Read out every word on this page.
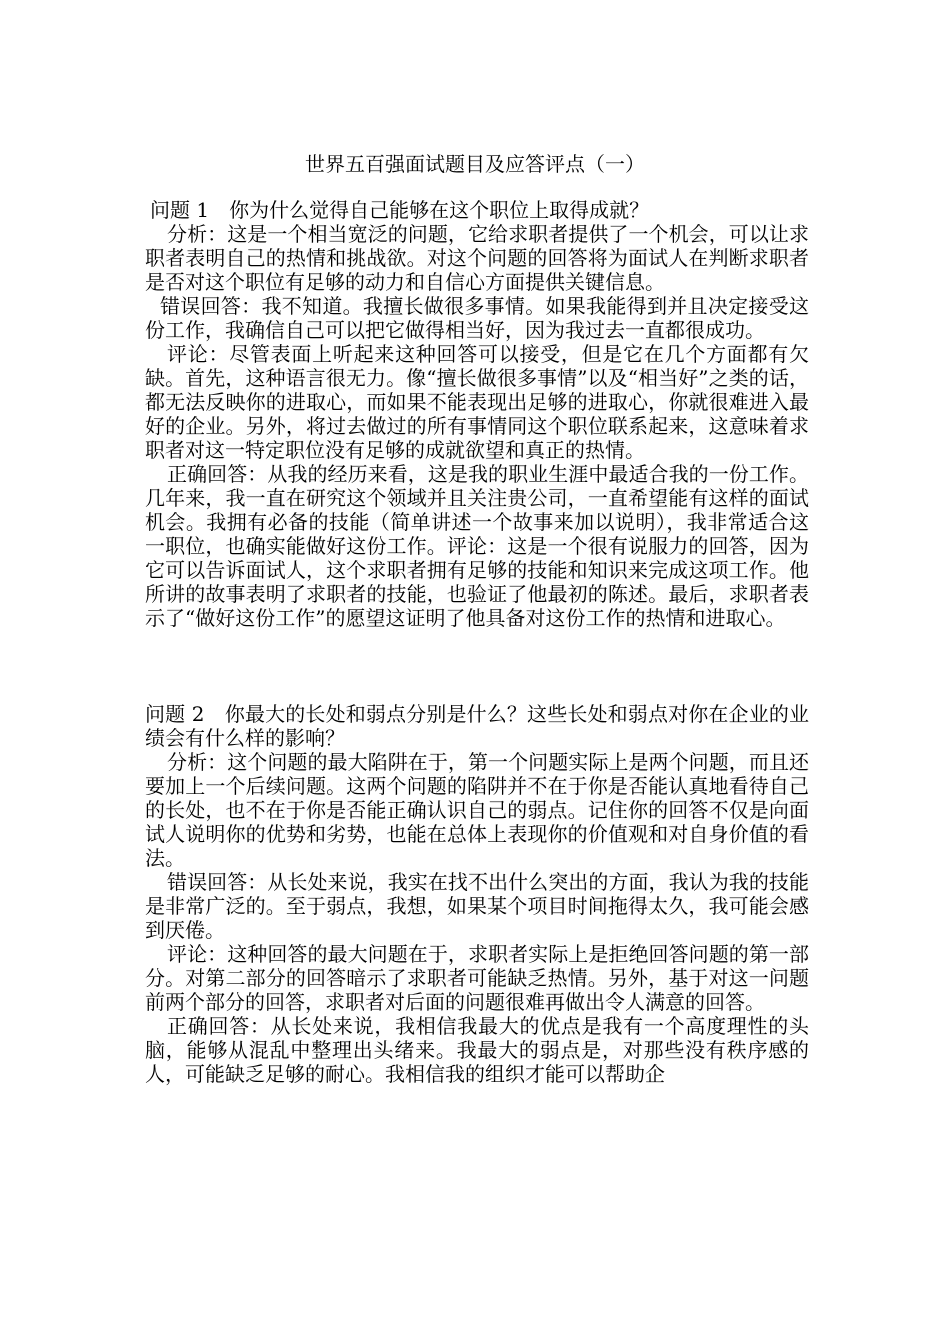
世界五百强面试题目及应答评点（一）

问题 1　你为什么觉得自己能够在这个职位上取得成就？

分析：这是一个相当宽泛的问题，它给求职者提供了一个机会，可以让求职者表明自己的热情和挑战欲。对这个问题的回答将为面试人在判断求职者是否对这个职位有足够的动力和自信心方面提供关键信息。

错误回答：我不知道。我擅长做很多事情。如果我能得到并且决定接受这份工作，我确信自己可以把它做得相当好，因为我过去一直都很成功。

评论：尽管表面上听起来这种回答可以接受，但是它在几个方面都有欠缺。首先，这种语言很无力。像“擅长做很多事情”以及“相当好”之类的话，都无法反映你的进取心，而如果不能表现出足够的进取心，你就很难进入最好的企业。另外，将过去做过的所有事情同这个职位联系起来，这意味着求职者对这一特定职位没有足够的成就欲望和真正的热情。

正确回答：从我的经历来看，这是我的职业生涯中最适合我的一份工作。几年来，我一直在研究这个领域并且关注贵公司，一直希望能有这样的面试机会。我拥有必备的技能（简单讲述一个故事来加以说明），我非常适合这一职位，也确实能做好这份工作。评论：这是一个很有说服力的回答，因为它可以告诉面试人，这个求职者拥有足够的技能和知识来完成这项工作。他所讲的故事表明了求职者的技能，也验证了他最初的陈述。最后，求职者表示了“做好这份工作”的愿望这证明了他具备对这份工作的热情和进取心。

问题 2　你最大的长处和弱点分别是什么？这些长处和弱点对你在企业的业绩会有什么样的影响？

分析：这个问题的最大陷阱在于，第一个问题实际上是两个问题，而且还要加上一个后续问题。这两个问题的陷阱并不在于你是否能认真地看待自己的长处，也不在于你是否能正确认识自己的弱点。记住你的回答不仅是向面试人说明你的优势和劣势，也能在总体上表现你的价值观和对自身价值的看法。

错误回答：从长处来说，我实在找不出什么突出的方面，我认为我的技能是非常广泛的。至于弱点，我想，如果某个项目时间拖得太久，我可能会感到厌倦。

评论：这种回答的最大问题在于，求职者实际上是拒绝回答问题的第一部分。对第二部分的回答暗示了求职者可能缺乏热情。另外，基于对这一问题前两个部分的回答，求职者对后面的问题很难再做出令人满意的回答。

正确回答：从长处来说，我相信我最大的优点是我有一个高度理性的头脑，能够从混乱中整理出头绪来。我最大的弱点是，对那些没有秩序感的人，可能缺乏足够的耐心。我相信我的组织才能可以帮助企
